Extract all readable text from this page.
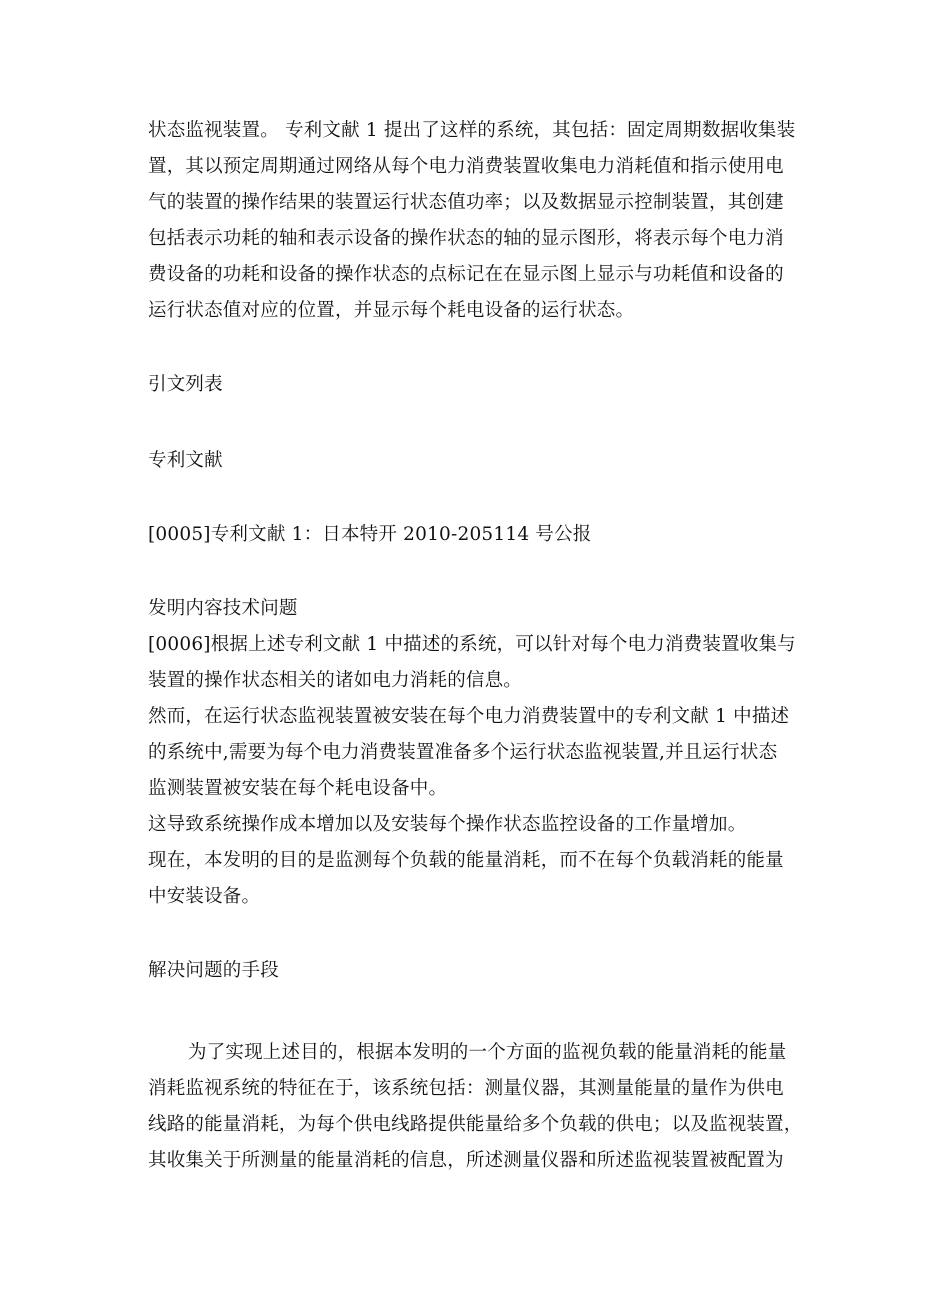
状态监视装置。 专利文献 1 提出了这样的系统，其包括：固定周期数据收集装

置，其以预定周期通过网络从每个电力消费装置收集电力消耗值和指示使用电

气的装置的操作结果的装置运行状态值功率；以及数据显示控制装置，其创建

包括表示功耗的轴和表示设备的操作状态的轴的显示图形，将表示每个电力消

费设备的功耗和设备的操作状态的点标记在在显示图上显示与功耗值和设备的

运行状态值对应的位置，并显示每个耗电设备的运行状态。

引文列表

专利文献

[0005]专利文献 1：日本特开 2010-205114 号公报

发明内容技术问题

[0006]根据上述专利文献 1 中描述的系统，可以针对每个电力消费装置收集与

装置的操作状态相关的诸如电力消耗的信息。

然而，在运行状态监视装置被安装在每个电力消费装置中的专利文献 1 中描述

的系统中,需要为每个电力消费装置准备多个运行状态监视装置,并且运行状态

监测装置被安装在每个耗电设备中。

这导致系统操作成本增加以及安装每个操作状态监控设备的工作量增加。

现在，本发明的目的是监测每个负载的能量消耗，而不在每个负载消耗的能量

中安装设备。

解决问题的手段

为了实现上述目的，根据本发明的一个方面的监视负载的能量消耗的能量

消耗监视系统的特征在于，该系统包括：测量仪器，其测量能量的量作为供电

线路的能量消耗，为每个供电线路提供能量给多个负载的供电；以及监视装置，

其收集关于所测量的能量消耗的信息，所述测量仪器和所述监视装置被配置为
